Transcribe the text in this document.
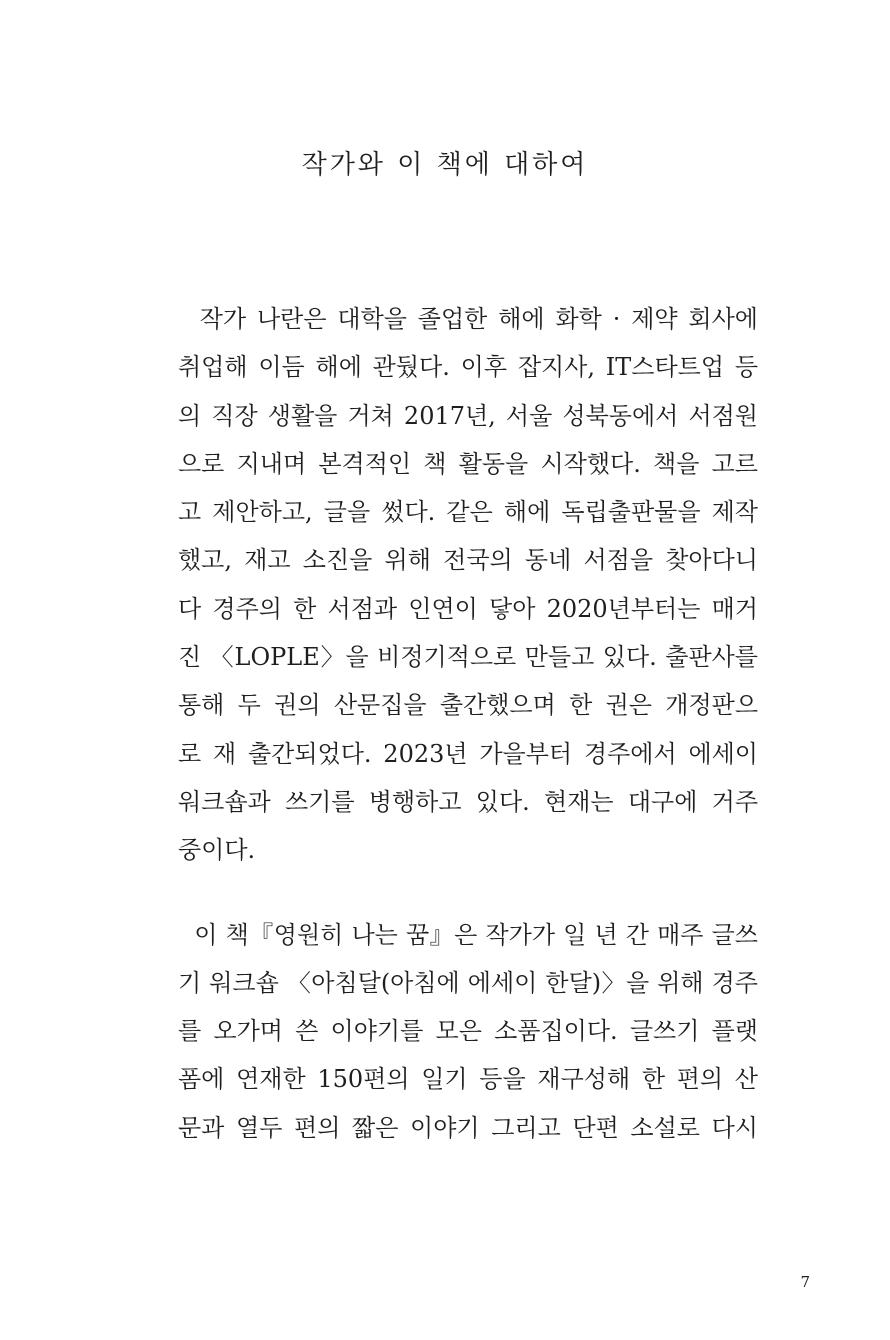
작가와 이 책에 대하여

작가 나란은 대학을 졸업한 해에 화학 · 제약 회사에
취업해 이듬 해에 관뒀다. 이후 잡지사, IT스타트업 등
의 직장 생활을 거쳐 2017년, 서울 성북동에서 서점원
으로 지내며 본격적인 책 활동을 시작했다. 책을 고르
고 제안하고, 글을 썼다. 같은 해에 독립출판물을 제작
했고, 재고 소진을 위해 전국의 동네 서점을 찾아다니
다 경주의 한 서점과 인연이 닿아 2020년부터는 매거
진 〈LOPLE〉을 비정기적으로 만들고 있다. 출판사를
통해 두 권의 산문집을 출간했으며 한 권은 개정판으
로 재 출간되었다. 2023년 가을부터 경주에서 에세이
워크숍과 쓰기를 병행하고 있다. 현재는 대구에 거주
중이다.

이 책『영원히 나는 꿈』은 작가가 일 년 간 매주 글쓰
기 워크숍 〈아침달(아침에 에세이 한달)〉을 위해 경주
를 오가며 쓴 이야기를 모은 소품집이다. 글쓰기 플랫
폼에 연재한 150편의 일기 등을 재구성해 한 편의 산
문과 열두 편의 짧은 이야기 그리고 단편 소설로 다시

7
